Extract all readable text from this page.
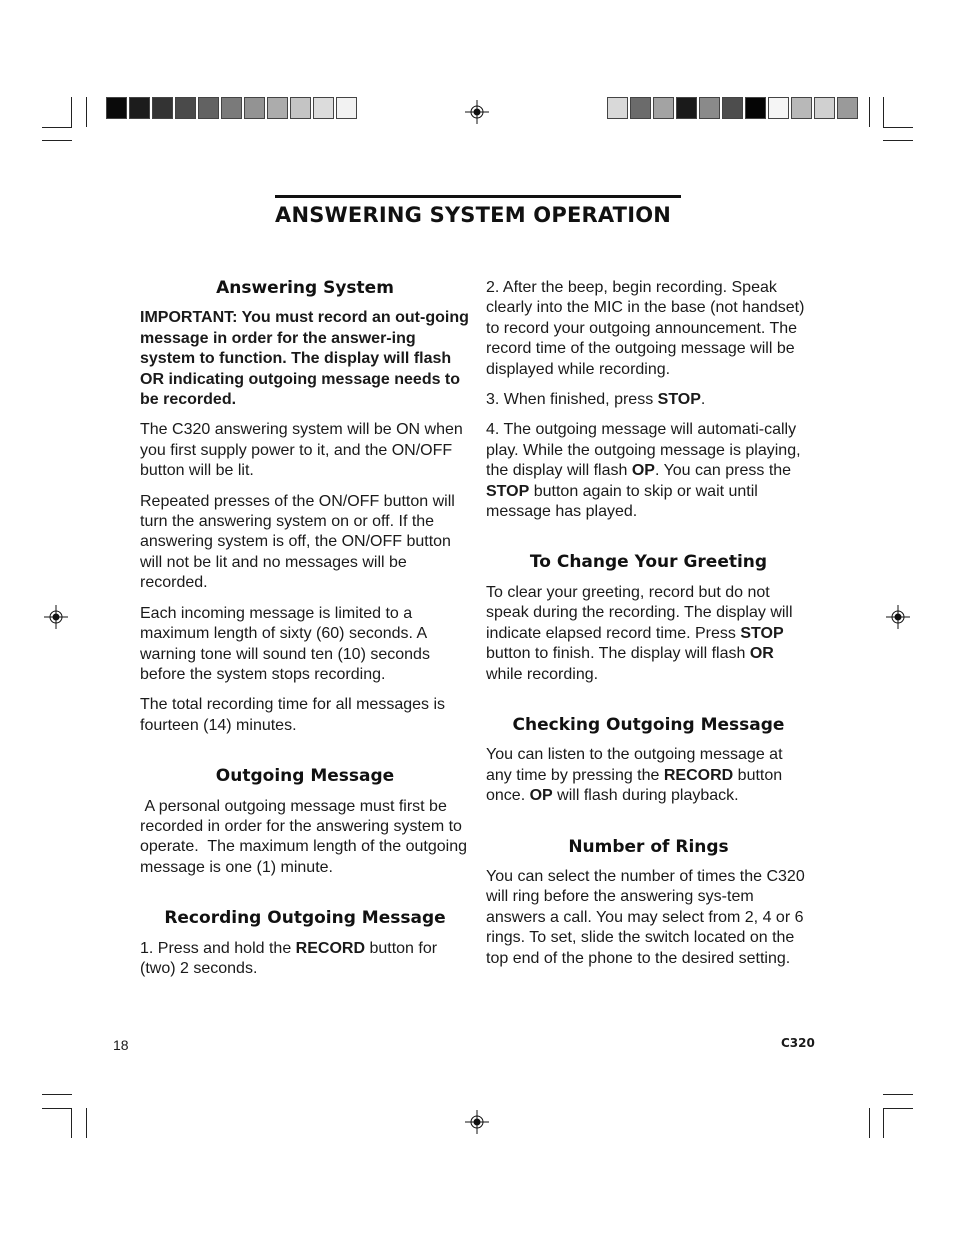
ANSWERING SYSTEM OPERATION
Answering System

IMPORTANT: You must record an out-going message in order for the answer-ing system to function. The display will flash OR indicating outgoing message needs to be recorded.

The C320 answering system will be ON when you first supply power to it, and the ON/OFF button will be lit.

Repeated presses of the ON/OFF button will turn the answering system on or off. If the answering system is off, the ON/OFF button will not be lit and no messages will be recorded.

Each incoming message is limited to a maximum length of sixty (60) seconds. A warning tone will sound ten (10) seconds before the system stops recording.

The total recording time for all messages is fourteen (14) minutes.

Outgoing Message

A personal outgoing message must first be recorded in order for the answering system to operate.  The maximum length of the outgoing message is one (1) minute.

Recording Outgoing Message

1. Press and hold the RECORD button for (two) 2 seconds.

2. After the beep, begin recording. Speak clearly into the MIC in the base (not handset) to record your outgoing announcement. The record time of the outgoing message will be displayed while recording.

3. When finished, press STOP.

4. The outgoing message will automati-cally play. While the outgoing message is playing, the display will flash OP. You can press the STOP button again to skip or wait until message has played.

To Change Your Greeting

To clear your greeting, record but do not speak during the recording. The display will indicate elapsed record time. Press STOP button to finish. The display will flash OR while recording.

Checking Outgoing Message

You can listen to the outgoing message at any time by pressing the RECORD button once. OP will flash during playback.

Number of Rings

You can select the number of times the C320 will ring before the answering sys-tem answers a call. You may select from 2, 4 or 6 rings. To set, slide the switch located on the top end of the phone to the desired setting.

18	C320
